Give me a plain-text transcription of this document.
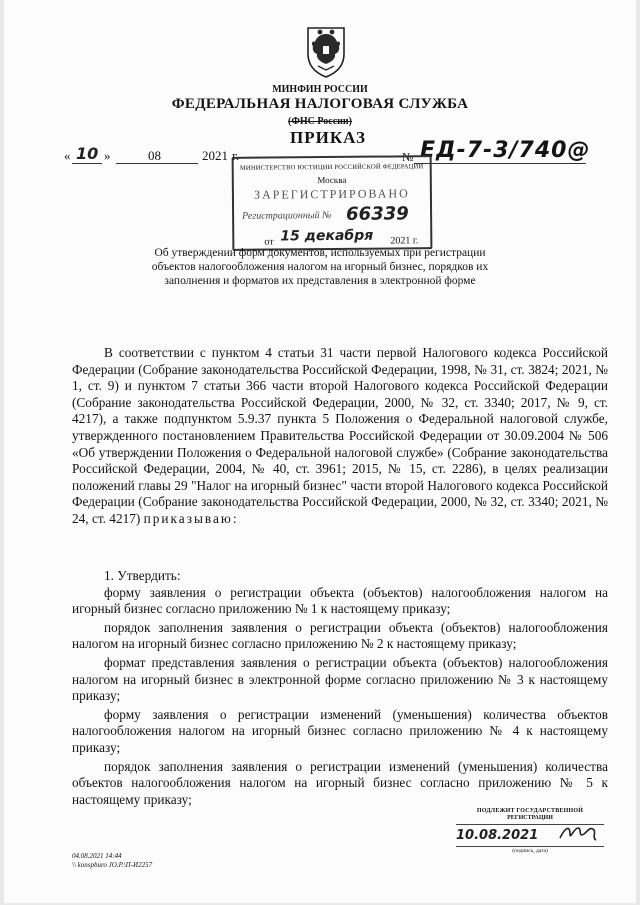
МИНФИН РОССИИ
ФЕДЕРАЛЬНАЯ НАЛОГОВАЯ СЛУЖБА
(ФНС России)
ПРИКАЗ
« 10 »	08	2021 г.	№ ЕД-7-3/740@
МИНИСТЕРСТВО ЮСТИЦИИ РОССИЙСКОЙ ФЕДЕРАЦИИ
Москва
ЗАРЕГИСТРИРОВАНО
Регистрационный № 66339
от 15 декабря 2021 г.
Об утверждении форм документов, используемых при регистрации объектов налогообложения налогом на игорный бизнес, порядков их заполнения и форматов их представления в электронной форме

В соответствии с пунктом 4 статьи 31 части первой Налогового кодекса Российской Федерации (Собрание законодательства Российской Федерации, 1998, № 31, ст. 3824; 2021, № 1, ст. 9) и пунктом 7 статьи 366 части второй Налогового кодекса Российской Федерации (Собрание законодательства Российской Федерации, 2000, № 32, ст. 3340; 2017, № 9, ст. 4217), а также подпунктом 5.9.37 пункта 5 Положения о Федеральной налоговой службе, утвержденного постановлением Правительства Российской Федерации от 30.09.2004 № 506 «Об утверждении Положения о Федеральной налоговой службе» (Собрание законодательства Российской Федерации, 2004, № 40, ст. 3961; 2015, № 15, ст. 2286), в целях реализации положений главы 29 "Налог на игорный бизнес" части второй Налогового кодекса Российской Федерации (Собрание законодательства Российской Федерации, 2000, № 32, ст. 3340; 2021, № 24, ст. 4217) приказываю:

1. Утвердить:

форму заявления о регистрации объекта (объектов) налогообложения налогом на игорный бизнес согласно приложению № 1 к настоящему приказу;

порядок заполнения заявления о регистрации объекта (объектов) налогообложения налогом на игорный бизнес согласно приложению № 2 к настоящему приказу;

формат представления заявления о регистрации объекта (объектов) налогообложения налогом на игорный бизнес в электронной форме согласно приложению № 3 к настоящему приказу;

форму заявления о регистрации изменений (уменьшения) количества объектов налогообложения налогом на игорный бизнес согласно приложению № 4 к настоящему приказу;

порядок заполнения заявления о регистрации изменений (уменьшения) количества объектов налогообложения налогом на игорный бизнес согласно приложению № 5 к настоящему приказу;

04.08.2021 14:44
\\ konspburo JO.P.\П-И2257
ПОДЛЕЖИТ ГОСУДАРСТВЕННОЙ
РЕГИСТРАЦИИ
10.08.2021
(подпись, дата)
